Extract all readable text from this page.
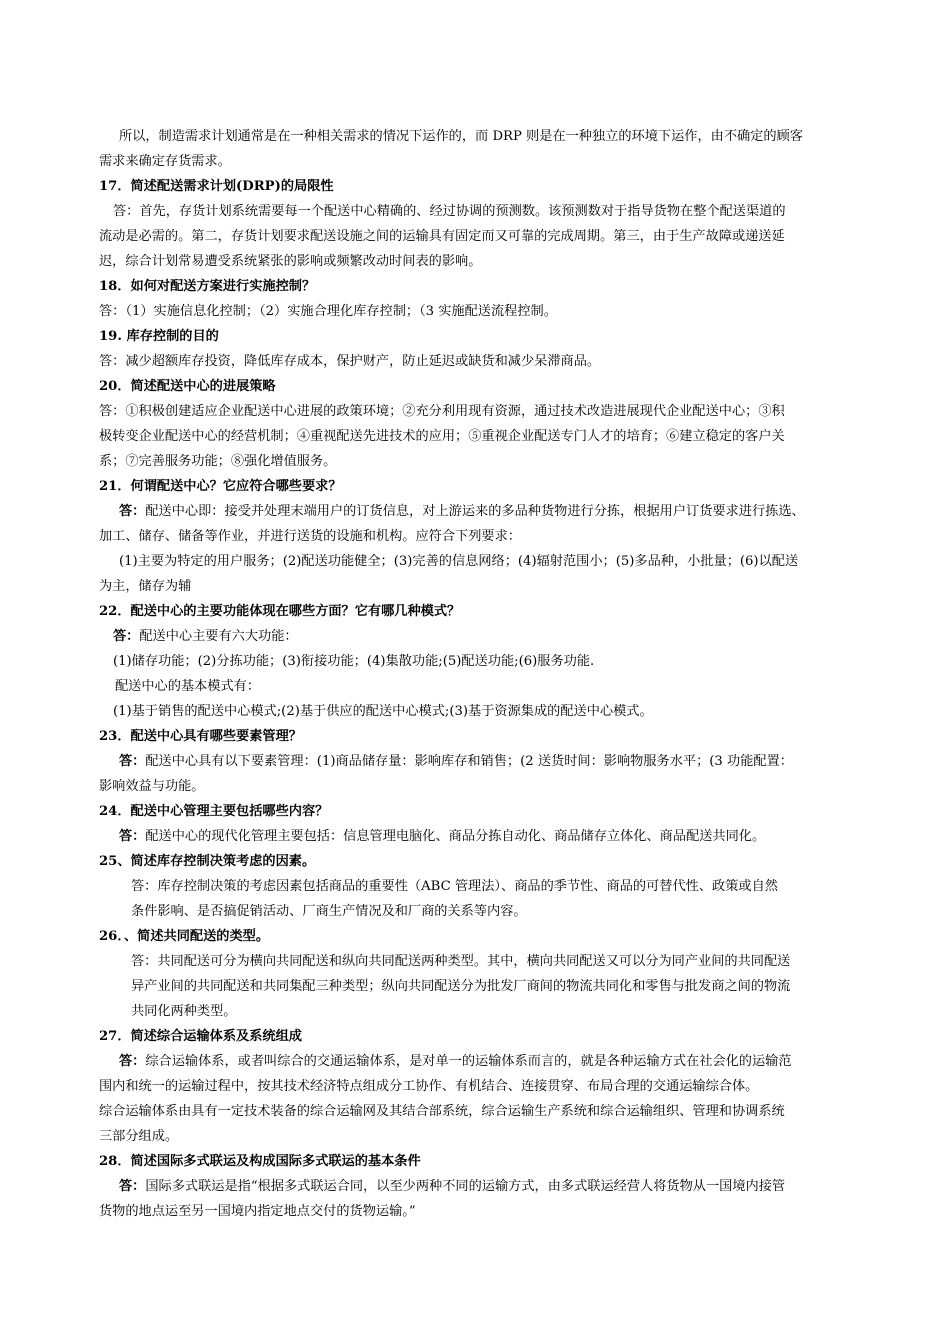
所以，制造需求计划通常是在一种相关需求的情况下运作的，而 DRP 则是在一种独立的环境下运作，由不确定的顾客
需求来确定存货需求。
17．简述配送需求计划(DRP)的局限性
答：首先，存货计划系统需要每一个配送中心精确的、经过协调的预测数。该预测数对于指导货物在整个配送渠道的
流动是必需的。第二，存货计划要求配送设施之间的运输具有固定而又可靠的完成周期。第三，由于生产故障或递送延
迟，综合计划常易遭受系统紧张的影响或频繁改动时间表的影响。
18．如何对配送方案进行实施控制？
答：（1）实施信息化控制；（2）实施合理化库存控制；（3 实施配送流程控制。
19. 库存控制的目的
答：减少超额库存投资，降低库存成本，保护财产，防止延迟或缺货和减少呆滞商品。
20．简述配送中心的进展策略
答：①积极创建适应企业配送中心进展的政策环境；②充分利用现有资源，通过技术改造进展现代企业配送中心；③积
极转变企业配送中心的经营机制；④重视配送先进技术的应用；⑤重视企业配送专门人才的培育；⑥建立稳定的客户关
系；⑦完善服务功能；⑧强化增值服务。
21．何谓配送中心？它应符合哪些要求？
答：配送中心即：接受并处理末端用户的订货信息，对上游运来的多品种货物进行分拣，根据用户订货要求进行拣选、
加工、储存、储备等作业，并进行送货的设施和机构。应符合下列要求：
(1)主要为特定的用户服务；(2)配送功能健全；(3)完善的信息网络；(4)辐射范围小；(5)多品种，小批量；(6)以配送
为主，储存为辅
22．配送中心的主要功能体现在哪些方面？它有哪几种模式？
答：配送中心主要有六大功能：
(1)储存功能；(2)分拣功能；(3)衔接功能；(4)集散功能;(5)配送功能;(6)服务功能.
配送中心的基本模式有：
(1)基于销售的配送中心模式;(2)基于供应的配送中心模式;(3)基于资源集成的配送中心模式。
23．配送中心具有哪些要素管理？
答：配送中心具有以下要素管理：(1)商品储存量：影响库存和销售；(2 送货时间：影响物服务水平；(3 功能配置：
影响效益与功能。
24．配送中心管理主要包括哪些内容？
答：配送中心的现代化管理主要包括：信息管理电脑化、商品分拣自动化、商品储存立体化、商品配送共同化。
25、简述库存控制决策考虑的因素。
答：库存控制决策的考虑因素包括商品的重要性（ABC 管理法）、商品的季节性、商品的可替代性、政策或自然
条件影响、是否搞促销活动、厂商生产情况及和厂商的关系等内容。
26．、简述共同配送的类型。
答：共同配送可分为横向共同配送和纵向共同配送两种类型。其中，横向共同配送又可以分为同产业间的共同配送
异产业间的共同配送和共同集配三种类型；纵向共同配送分为批发厂商间的物流共同化和零售与批发商之间的物流
共同化两种类型。
27．简述综合运输体系及系统组成
答：综合运输体系，或者叫综合的交通运输体系，是对单一的运输体系而言的，就是各种运输方式在社会化的运输范
围内和统一的运输过程中，按其技术经济特点组成分工协作、有机结合、连接贯穿、布局合理的交通运输综合体。
综合运输体系由具有一定技术装备的综合运输网及其结合部系统，综合运输生产系统和综合运输组织、管理和协调系统
三部分组成。
28．简述国际多式联运及构成国际多式联运的基本条件
答：国际多式联运是指“根据多式联运合同，以至少两种不同的运输方式，由多式联运经营人将货物从一国境内接管
货物的地点运至另一国境内指定地点交付的货物运输。”
